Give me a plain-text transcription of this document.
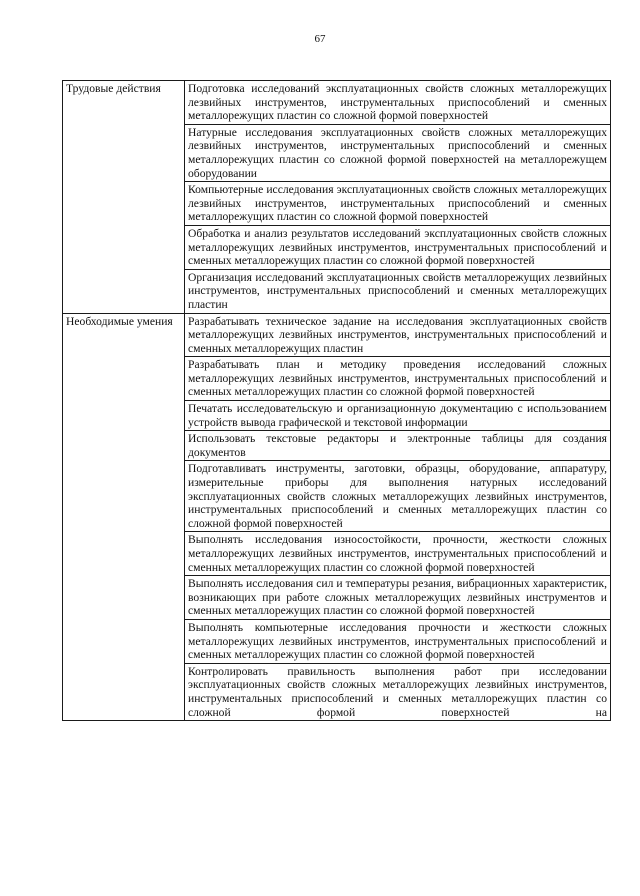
67
Трудовые действия	Подготовка исследований эксплуатационных свойств сложных металлорежущих лезвийных инструментов, инструментальных приспособлений и сменных металлорежущих пластин со сложной формой поверхностей
	Натурные исследования эксплуатационных свойств сложных металлорежущих лезвийных инструментов, инструментальных приспособлений и сменных металлорежущих пластин со сложной формой поверхностей на металлорежущем оборудовании
	Компьютерные исследования эксплуатационных свойств сложных металлорежущих лезвийных инструментов, инструментальных приспособлений и сменных металлорежущих пластин со сложной формой поверхностей
	Обработка и анализ результатов исследований эксплуатационных свойств сложных металлорежущих лезвийных инструментов, инструментальных приспособлений и сменных металлорежущих пластин со сложной формой поверхностей
	Организация исследований эксплуатационных свойств металлорежущих лезвийных инструментов, инструментальных приспособлений и сменных металлорежущих пластин
Необходимые умения	Разрабатывать техническое задание на исследования эксплуатационных свойств металлорежущих лезвийных инструментов, инструментальных приспособлений и сменных металлорежущих пластин
	Разрабатывать план и методику проведения исследований сложных металлорежущих лезвийных инструментов, инструментальных приспособлений и сменных металлорежущих пластин со сложной формой поверхностей
	Печатать исследовательскую и организационную документацию с использованием устройств вывода графической и текстовой информации
	Использовать текстовые редакторы и электронные таблицы для создания документов
	Подготавливать инструменты, заготовки, образцы, оборудование, аппаратуру, измерительные приборы для выполнения натурных исследований эксплуатационных свойств сложных металлорежущих лезвийных инструментов, инструментальных приспособлений и сменных металлорежущих пластин со сложной формой поверхностей
	Выполнять исследования износостойкости, прочности, жесткости сложных металлорежущих лезвийных инструментов, инструментальных приспособлений и сменных металлорежущих пластин со сложной формой поверхностей
	Выполнять исследования сил и температуры резания, вибрационных характеристик, возникающих при работе сложных металлорежущих лезвийных инструментов и сменных металлорежущих пластин со сложной формой поверхностей
	Выполнять компьютерные исследования прочности и жесткости сложных металлорежущих лезвийных инструментов, инструментальных приспособлений и сменных металлорежущих пластин со сложной формой поверхностей
	Контролировать правильность выполнения работ при исследовании эксплуатационных свойств сложных металлорежущих лезвийных инструментов, инструментальных приспособлений и сменных металлорежущих пластин со сложной формой поверхностей на
